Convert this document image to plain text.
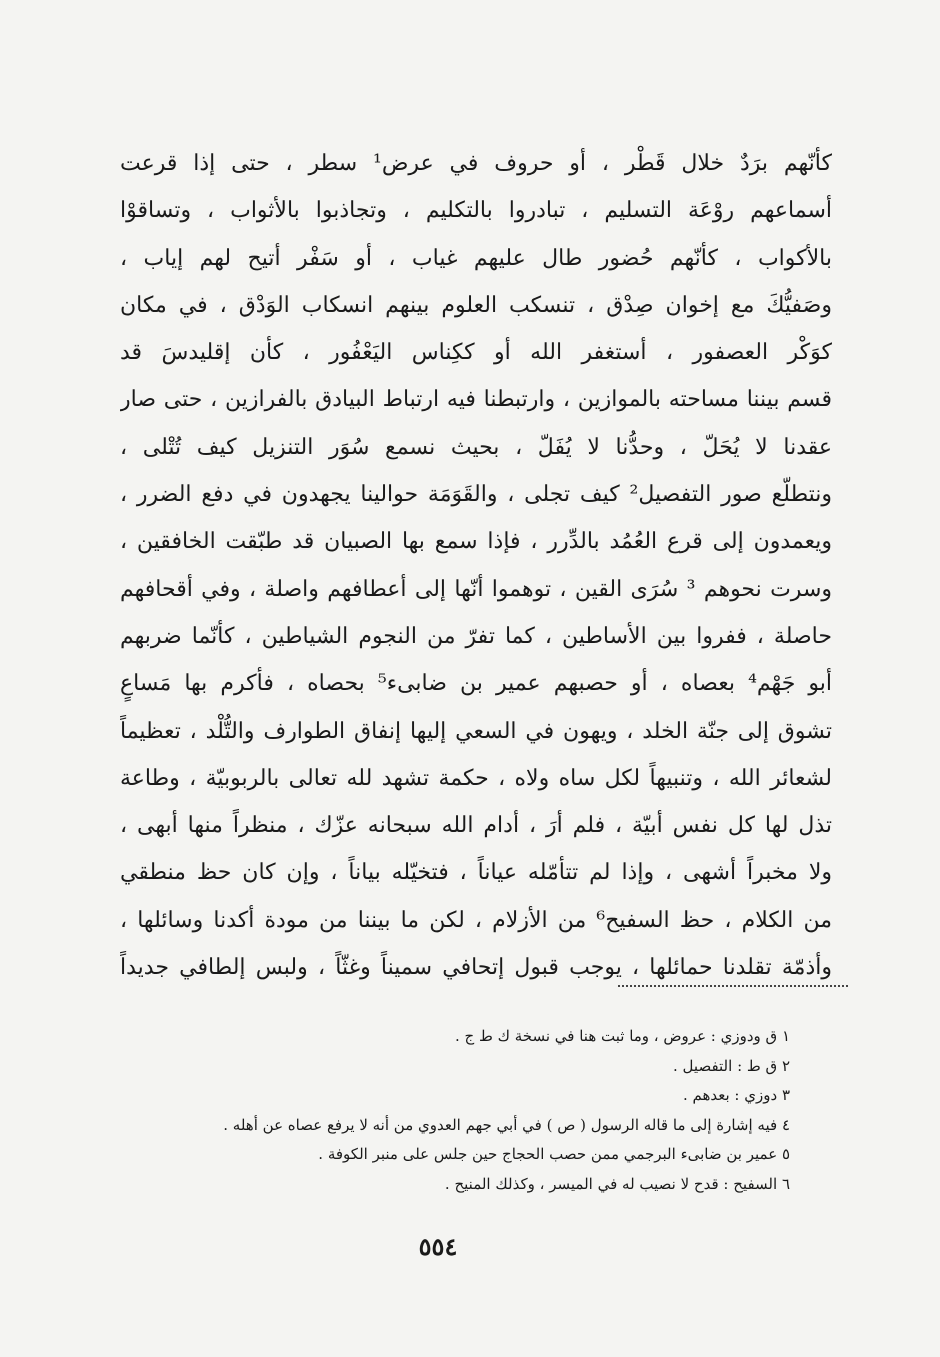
كأنّهم برَدٌ خلال قَطْر ، أو حروف في عرض¹ سطر ، حتى إذا قرعت
أسماعهم روْعَة التسليم ، تبادروا بالتكليم ، وتجاذبوا بالأثواب ، وتساقوْا
بالأكواب ، كأنّهم حُضور طال عليهم غياب ، أو سَفْر أتيح لهم إياب ،
وصَفيُّكَ مع إخوان صِدْق ، تنسكب العلوم بينهم انسكاب الوَدْق ، في مكان
كوَكْر العصفور ، أستغفر الله أو ككِناس اليَعْفُور ، كأن إقليدسَ قد
قسم بيننا مساحته بالموازين ، وارتبطنا فيه ارتباط البيادق بالفرازين ، حتى صار
عقدنا لا يُحَلّ ، وحدُّنا لا يُفَلّ ، بحيث نسمع سُوَر التنزيل كيف تُتْلى ،
ونتطلّع صور التفصيل² كيف تجلى ، والقَوَمَة حوالينا يجهدون في دفع الضرر ،
ويعمدون إلى قرع العُمُد بالدِّرر ، فإذا سمع بها الصبيان قد طبّقت الخافقين ،
وسرت نحوهم ³ سُرَى القين ، توهموا أنّها إلى أعطافهم واصلة ، وفي أقحافهم
حاصلة ، ففروا بين الأساطين ، كما تفرّ من النجوم الشياطين ، كأنّما ضربهم
أبو جَهْم⁴ بعصاه ، أو حصبهم عمير بن ضابىء⁵ بحصاه ، فأكرم بها مَساعٍ
تشوق إلى جنّة الخلد ، ويهون في السعي إليها إنفاق الطوارف والتُّلْد ، تعظيماً
لشعائر الله ، وتنبيهاً لكل ساه ولاه ، حكمة تشهد لله تعالى بالربوبيّة ، وطاعة
تذل لها كل نفس أبيّة ، فلم أرَ ، أدام الله سبحانه عزّك ، منظراً منها أبهى ،
ولا مخبراً أشهى ، وإذا لم تتأمّله عياناً ، فتخيّله بياناً ، وإن كان حظ منطقي
من الكلام ، حظ السفيح⁶ من الأزلام ، لكن ما بيننا من مودة أكدنا وسائلها ،
وأذمّة تقلدنا حمائلها ، يوجب قبول إتحافي سميناً وغثّاً ، ولبس إلطافي جديداً
١ ق ودوزي : عروض ، وما ثبت هنا في نسخة ك ط ج .
٢ ق ط : التفصيل .
٣ دوزي : بعدهم .
٤ فيه إشارة إلى ما قاله الرسول ( ص ) في أبي جهم العدوي من أنه لا يرفع عصاه عن أهله .
٥ عمير بن ضابىء البرجمي ممن حصب الحجاج حين جلس على منبر الكوفة .
٦ السفيح : قدح لا نصيب له في الميسر ، وكذلك المنيح .
٥٥٤
